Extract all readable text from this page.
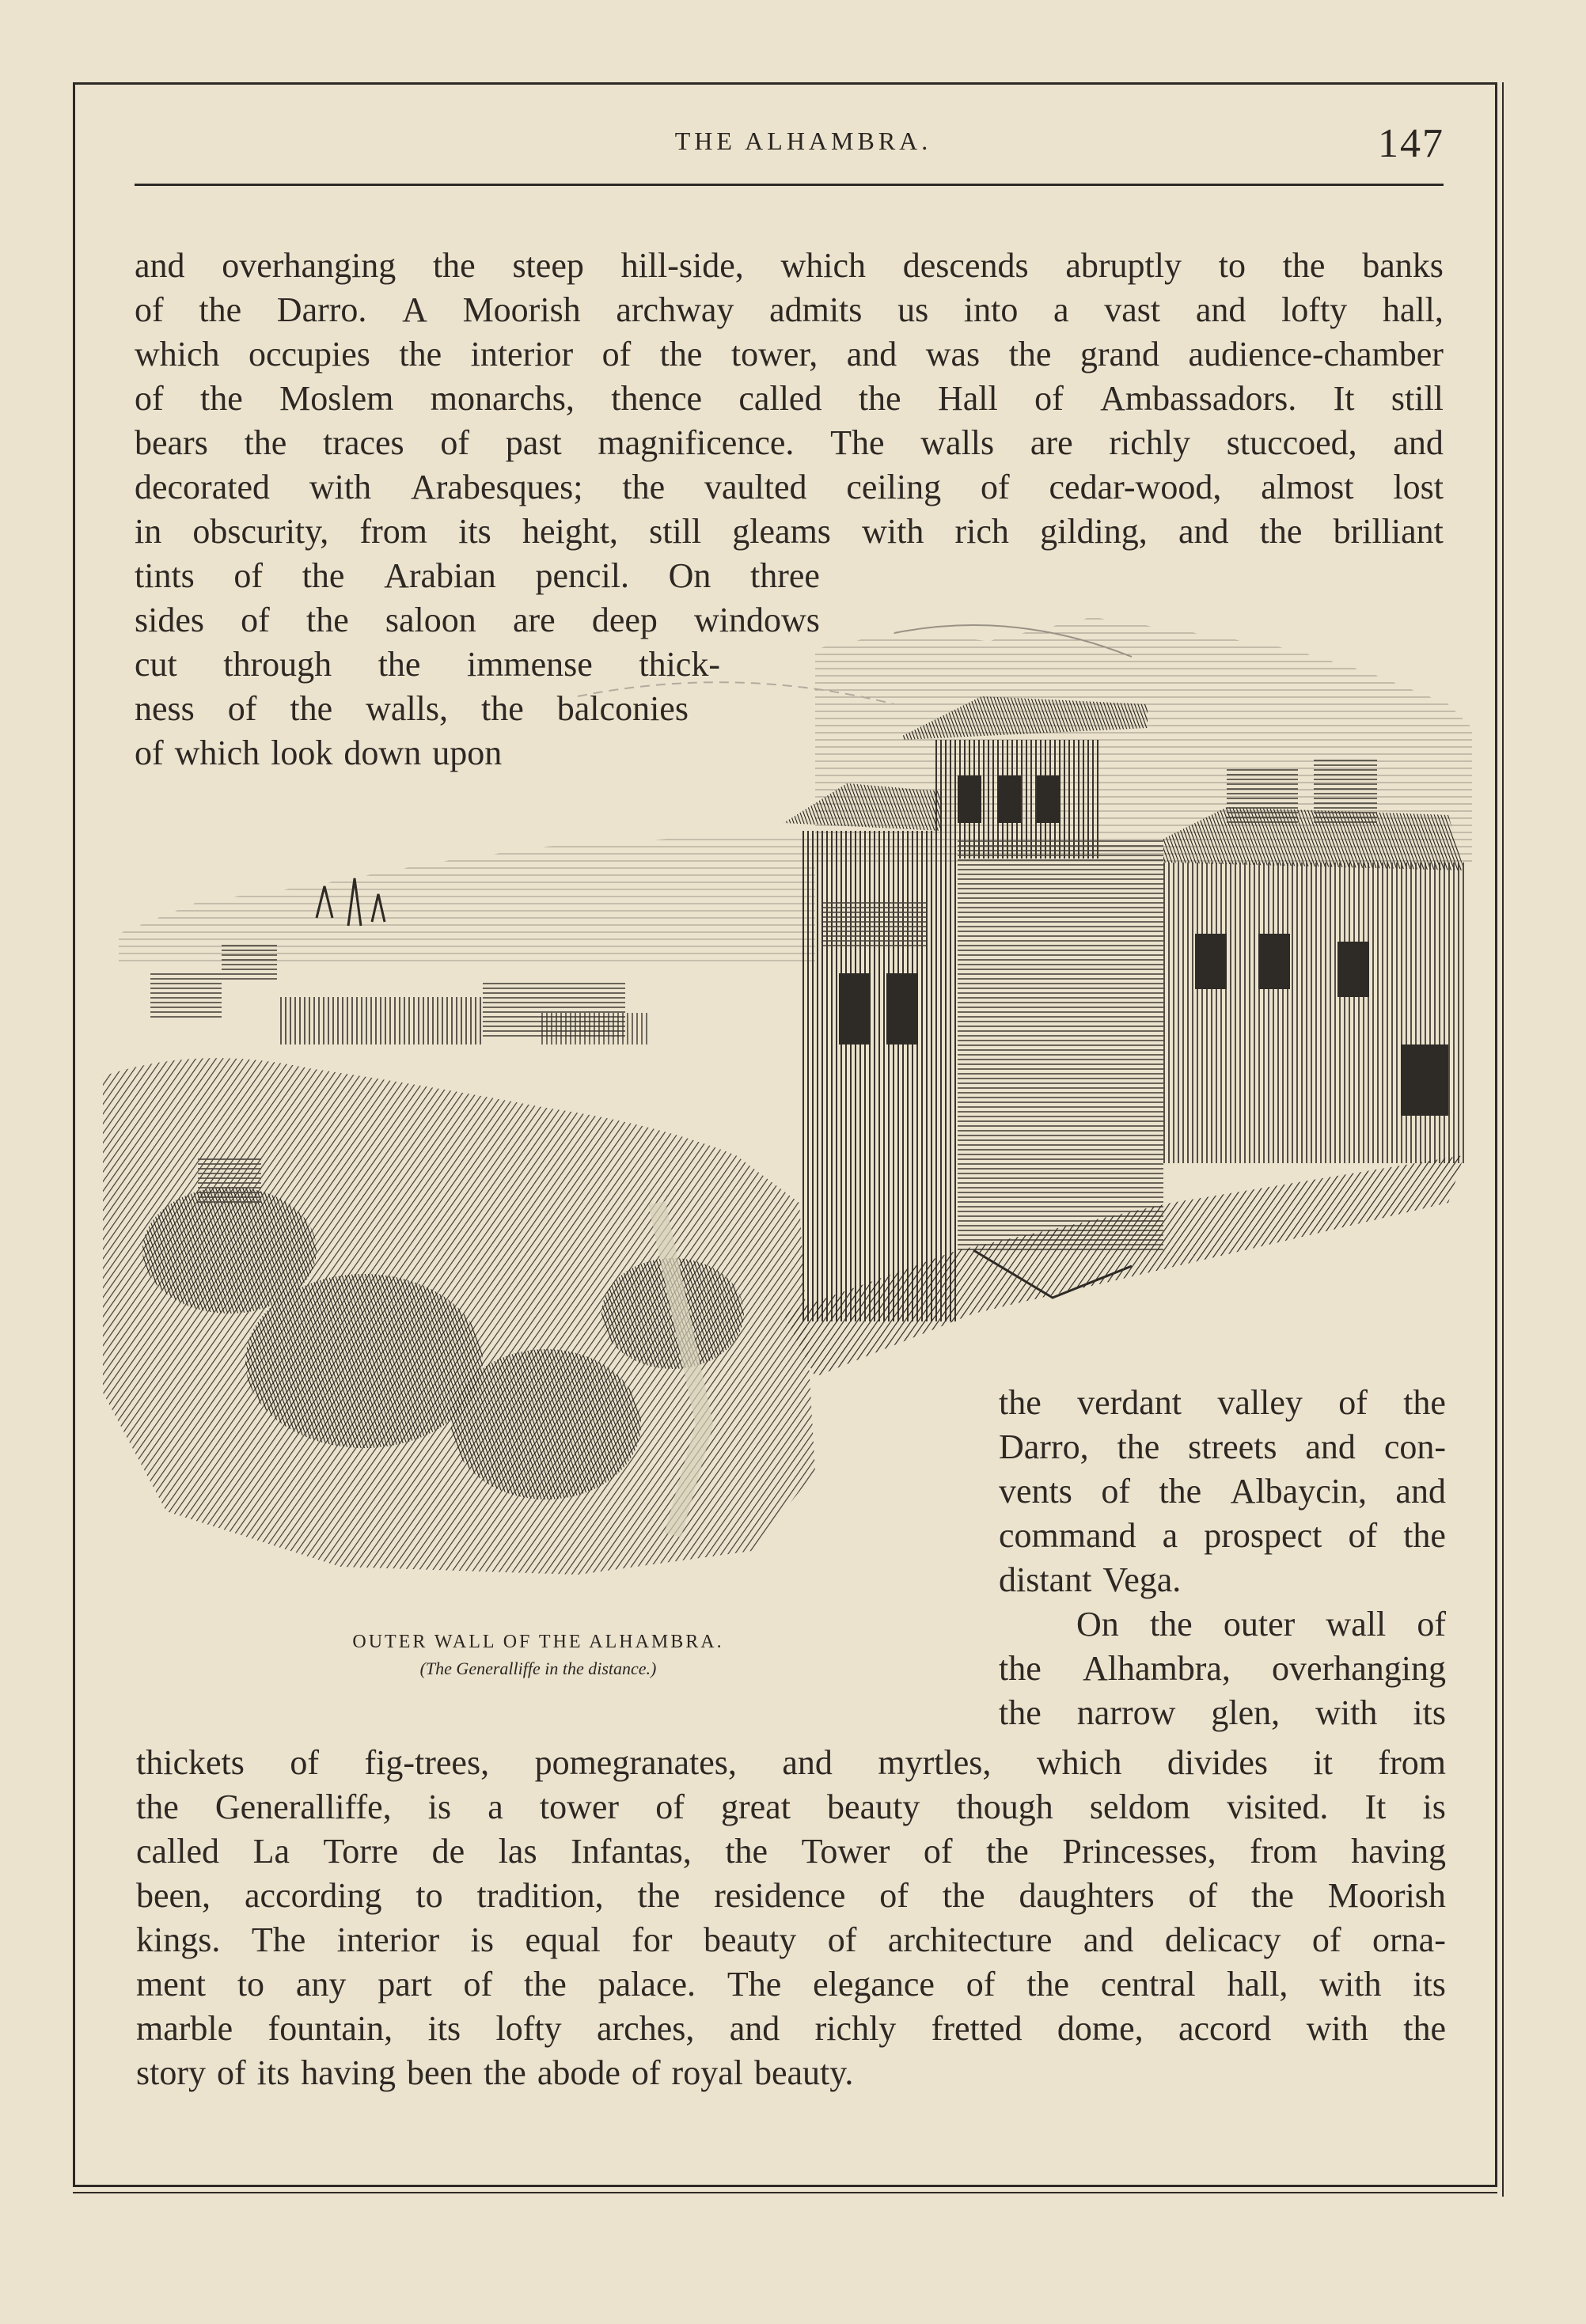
THE ALHAMBRA.	147
and overhanging the steep hill-side, which descends abruptly to the banks
of the Darro. A Moorish archway admits us into a vast and lofty hall,
which occupies the interior of the tower, and was the grand audience-chamber
of the Moslem monarchs, thence called the Hall of Ambassadors. It still
bears the traces of past magnificence. The walls are richly stuccoed, and
decorated with Arabesques; the vaulted ceiling of cedar-wood, almost lost
in obscurity, from its height, still gleams with rich gilding, and the brilliant
tints of the Arabian pencil. On three
sides of the saloon are deep windows
cut through the immense thick-
ness of the walls, the balconies
of which look down upon
OUTER WALL OF THE ALHAMBRA.
(The Generalliffe in the distance.)
the verdant valley of the
Darro, the streets and con-
vents of the Albaycin, and
command a prospect of the
distant Vega.
On the outer wall of
the Alhambra, overhanging
the narrow glen, with its
thickets of fig-trees, pomegranates, and myrtles, which divides it from
the Generalliffe, is a tower of great beauty though seldom visited. It is
called La Torre de las Infantas, the Tower of the Princesses, from having
been, according to tradition, the residence of the daughters of the Moorish
kings. The interior is equal for beauty of architecture and delicacy of orna-
ment to any part of the palace. The elegance of the central hall, with its
marble fountain, its lofty arches, and richly fretted dome, accord with the
story of its having been the abode of royal beauty.
